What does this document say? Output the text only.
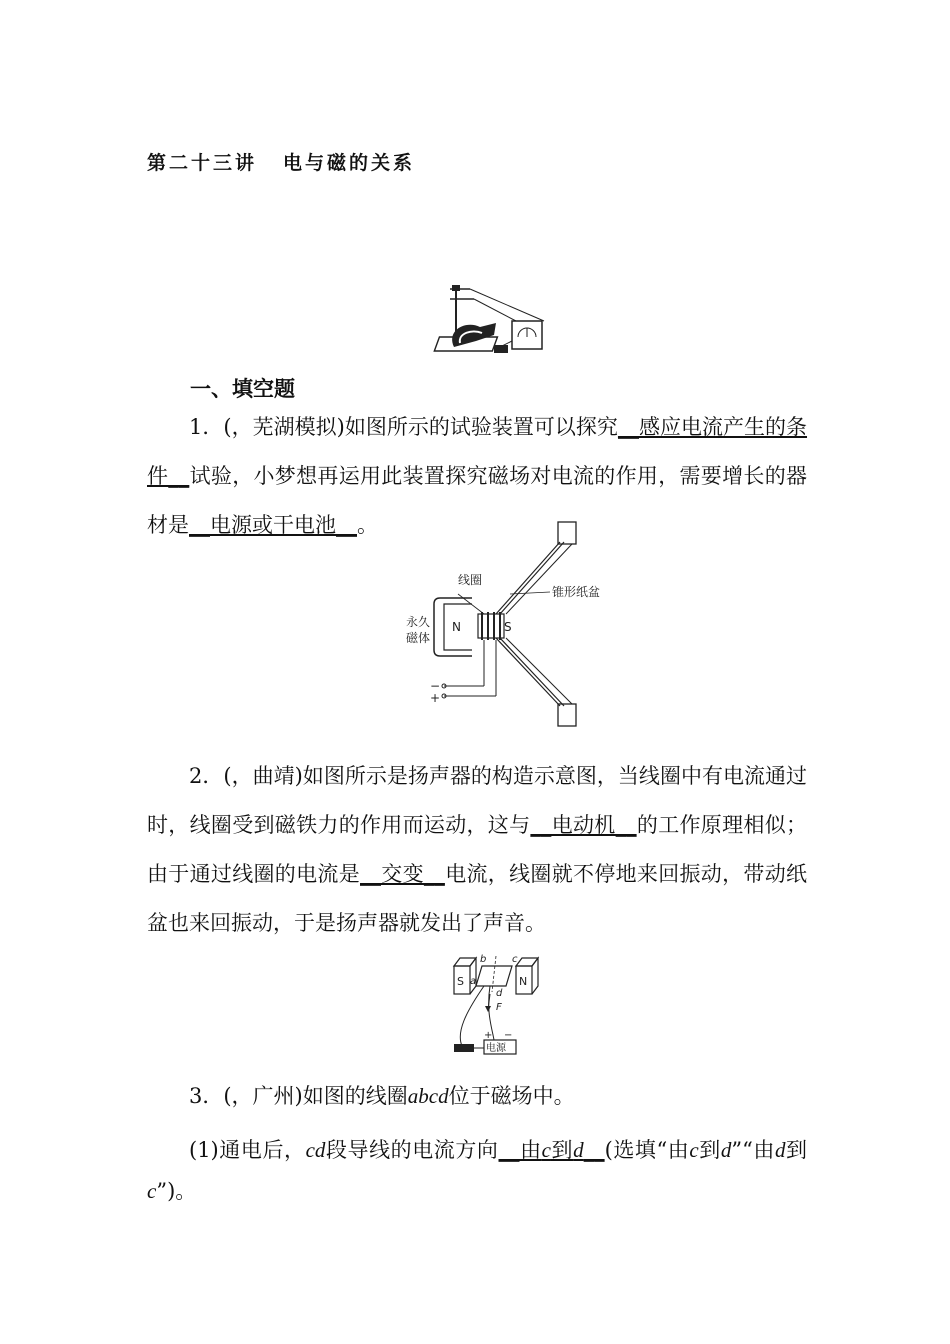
第二十三讲 电与磁的关系
一、填空题
1．(，芜湖模拟)如图所示的试验装置可以探究__感应电流产生的条件__试验，小梦想再运用此装置探究磁场对电流的作用，需要增长的器材是__电源或干电池__。
线圈
锥形纸盆
永久
磁体
N	S
−
+
2．(，曲靖)如图所示是扬声器的构造示意图，当线圈中有电流通过时，线圈受到磁铁力的作用而运动，这与__电动机__的工作原理相似；由于通过线圈的电流是__交变__电流，线圈就不停地来回振动，带动纸盆也来回振动，于是扬声器就发出了声音。
S	N
a
b	c
d
F
+ −
电源
3．(，广州)如图的线圈abcd位于磁场中。
(1)通电后，cd段导线的电流方向__由c到d__(选填“由c到d”“由d到c”)。
